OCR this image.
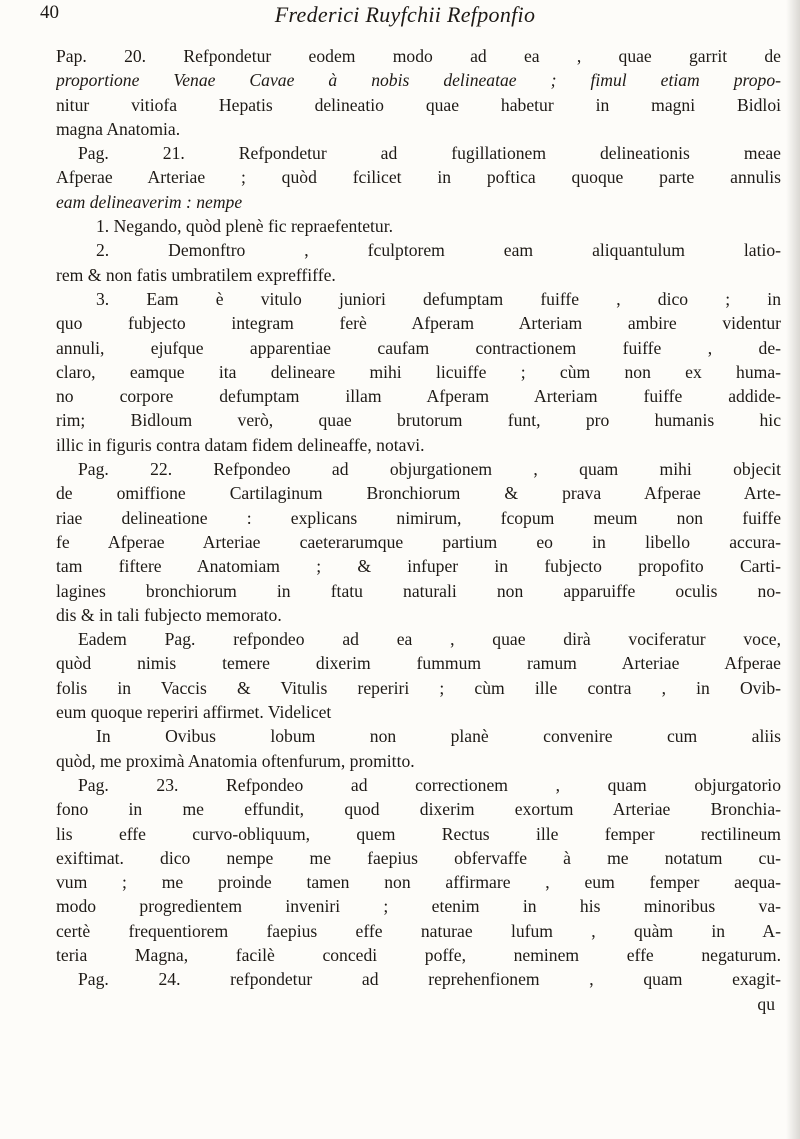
40	Frederici Ruyfchii Refponfio
Pap. 20. Refpondetur eodem modo ad ea , quae garrit de
proportione Venae Cavae à nobis delineatae ; fimul etiam propo-
nitur vitiofa Hepatis delineatio quae habetur in magni Bidloi
magna Anatomia.
Pag. 21. Refpondetur ad fugillationem delineationis meae
Afperae Arteriae ; quòd fcilicet in poftica quoque parte annulis
eam delineaverim : nempe
1. Negando, quòd plenè fic repraefentetur.
2. Demonftro , fculptorem eam aliquantulum latio-
rem & non fatis umbratilem expreffiffe.
3. Eam è vitulo juniori defumptam fuiffe , dico ; in
quo fubjecto integram ferè Afperam Arteriam ambire videntur
annuli, ejufque apparentiae caufam contractionem fuiffe , de-
claro, eamque ita delineare mihi licuiffe ; cùm non ex huma-
no corpore defumptam illam Afperam Arteriam fuiffe addide-
rim; Bidloum verò, quae brutorum funt, pro humanis hic
illic in figuris contra datam fidem delineaffe, notavi.
Pag. 22. Refpondeo ad objurgationem , quam mihi objecit
de omiffione Cartilaginum Bronchiorum & prava Afperae Arte-
riae delineatione : explicans nimirum, fcopum meum non fuiffe
fe Afperae Arteriae caeterarumque partium eo in libello accura-
tam fiftere Anatomiam ; & infuper in fubjecto propofito Carti-
lagines bronchiorum in ftatu naturali non apparuiffe oculis no-
dis & in tali fubjecto memorato.
Eadem Pag. refpondeo ad ea , quae dirà vociferatur voce,
quòd nimis temere dixerim fummum ramum Arteriae Afperae
folis in Vaccis & Vitulis reperiri ; cùm ille contra , in Ovib-
eum quoque reperiri affirmet. Videlicet
In Ovibus lobum non planè convenire cum aliis
quòd, me proximà Anatomia oftenfurum, promitto.
Pag. 23. Refpondeo ad correctionem , quam objurgatorio
fono in me effundit, quod dixerim exortum Arteriae Bronchia-
lis effe curvo-obliquum, quem Rectus ille femper rectilineum
exiftimat. dico nempe me faepius obfervaffe à me notatum cu-
vum ; me proinde tamen non affirmare , eum femper aequa-
modo progredientem inveniri ; etenim in his minoribus va-
certè frequentiorem faepius effe naturae lufum , quàm in A-
teria Magna, facilè concedi poffe, neminem effe negaturum.
Pag. 24. refpondetur ad reprehenfionem , quam exagit-
qu
